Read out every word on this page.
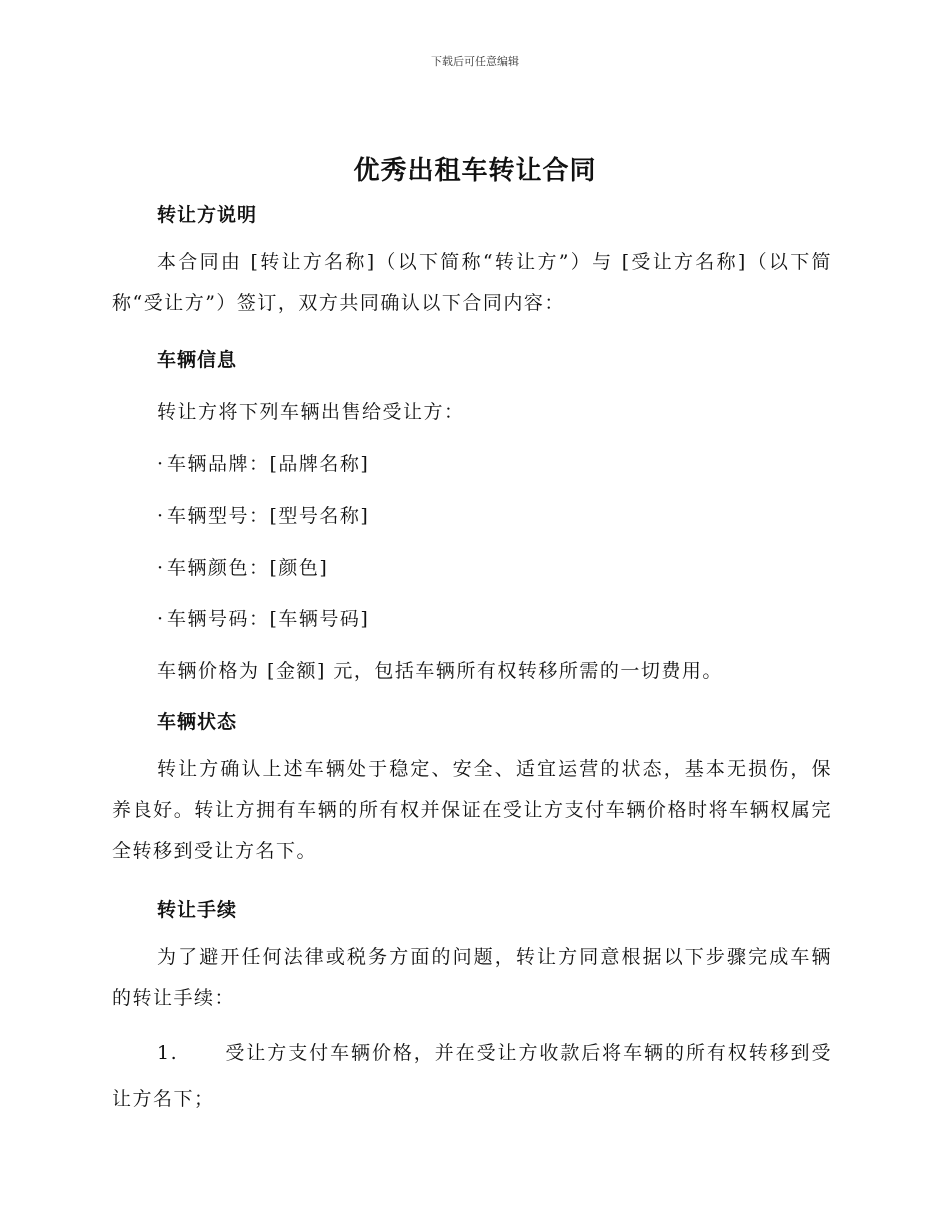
下载后可任意编辑
优秀出租车转让合同
转让方说明
本合同由 [转让方名称]（以下简称“转让方”）与 [受让方名称]（以下简称“受让方”）签订，双方共同确认以下合同内容：
车辆信息
转让方将下列车辆出售给受让方：
· 车辆品牌：[品牌名称]
· 车辆型号：[型号名称]
· 车辆颜色：[颜色]
· 车辆号码：[车辆号码]
车辆价格为 [金额] 元，包括车辆所有权转移所需的一切费用。
车辆状态
转让方确认上述车辆处于稳定、安全、适宜运营的状态，基本无损伤，保养良好。转让方拥有车辆的所有权并保证在受让方支付车辆价格时将车辆权属完全转移到受让方名下。
转让手续
为了避开任何法律或税务方面的问题，转让方同意根据以下步骤完成车辆的转让手续：
1. 受让方支付车辆价格，并在受让方收款后将车辆的所有权转移到受让方名下；
